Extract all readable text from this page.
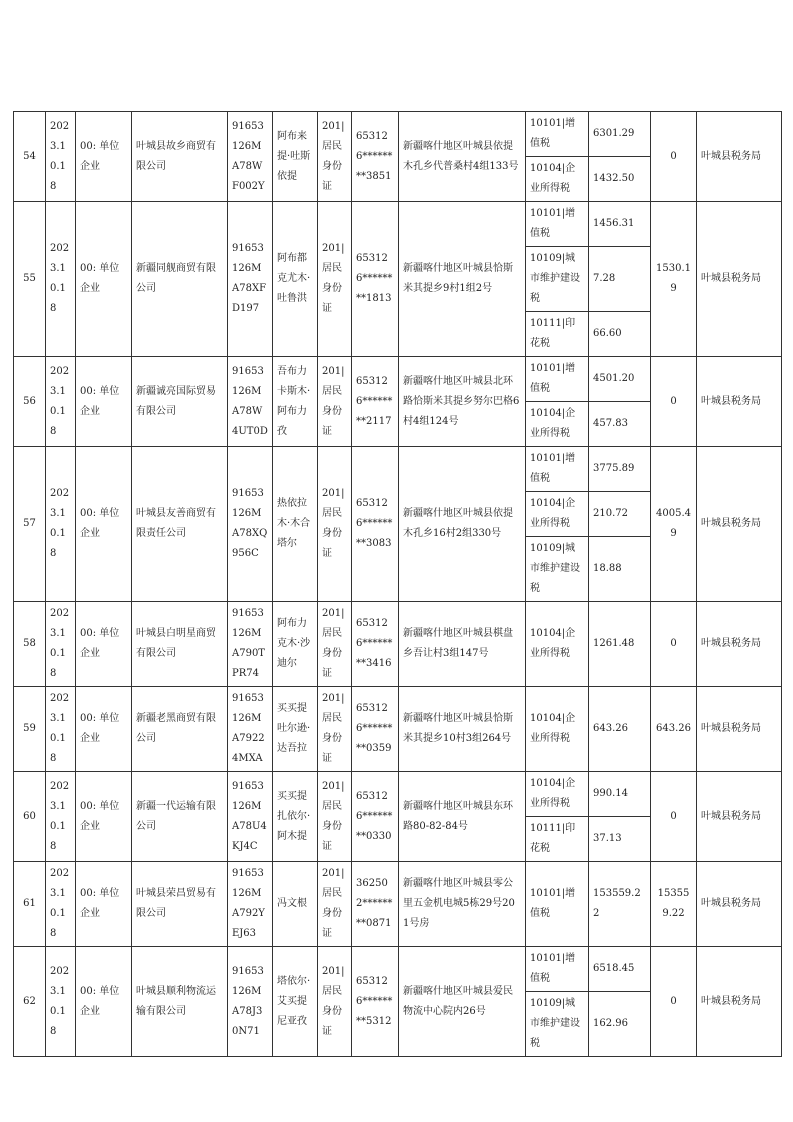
54	2023.10.18	00: 单位企业	叶城县故乡商贸有限公司	91653126MA78WF002Y	阿布来提·吐斯依提	201|居民身份证	653126********3851	新疆喀什地区叶城县依提木孔乡代普桑村4组133号	10101|增值税	6301.29	0	叶城县税务局
									10104|企业所得税	1432.50		
55	2023.10.18	00: 单位企业	新疆同舰商贸有限公司	91653126MA78XFD197	阿布都克尤木·吐鲁洪	201|居民身份证	653126********1813	新疆喀什地区叶城县恰斯米其提乡9村1组2号	10101|增值税	1456.31	1530.19	叶城县税务局
									10109|城市维护建设税	7.28		
									10111|印花税	66.60		
56	2023.10.18	00: 单位企业	新疆诚亮国际贸易有限公司	91653126MA78W4UT0D	吾布力卡斯木·阿布力孜	201|居民身份证	653126********2117	新疆喀什地区叶城县北环路恰斯米其提乡努尔巴格6村4组124号	10101|增值税	4501.20	0	叶城县税务局
									10104|企业所得税	457.83		
57	2023.10.18	00: 单位企业	叶城县友善商贸有限责任公司	91653126MA78XQ956C	热依拉木·木合塔尔	201|居民身份证	653126********3083	新疆喀什地区叶城县依提木孔乡16村2组330号	10101|增值税	3775.89	4005.49	叶城县税务局
									10104|企业所得税	210.72		
									10109|城市维护建设税	18.88		
58	2023.10.18	00: 单位企业	叶城县白明星商贸有限公司	91653126MA790TPR74	阿布力克木·沙迪尔	201|居民身份证	653126********3416	新疆喀什地区叶城县棋盘乡吾让村3组147号	10104|企业所得税	1261.48	0	叶城县税务局
59	2023.10.18	00: 单位企业	新疆老黑商贸有限公司	91653126MA79224MXA	买买提吐尔逊·达吾拉	201|居民身份证	653126********0359	新疆喀什地区叶城县恰斯米其提乡10村3组264号	10104|企业所得税	643.26	643.26	叶城县税务局
60	2023.10.18	00: 单位企业	新疆一代运输有限公司	91653126MA78U4KJ4C	买买提扎依尔·阿木提	201|居民身份证	653126********0330	新疆喀什地区叶城县东环路80-82-84号	10104|企业所得税	990.14	0	叶城县税务局
									10111|印花税	37.13		
61	2023.10.18	00: 单位企业	叶城县荣昌贸易有限公司	91653126MA792YEJ63	冯文根	201|居民身份证	362502********0871	新疆喀什地区叶城县零公里五金机电城5栋29号201号房	10101|增值税	153559.22	153559.22	叶城县税务局
62	2023.10.18	00: 单位企业	叶城县顺利物流运输有限公司	91653126MA78J30N71	塔依尔·艾买提尼亚孜	201|居民身份证	653126********5312	新疆喀什地区叶城县爱民物流中心院内26号	10101|增值税	6518.45	0	叶城县税务局
									10109|城市维护建设税	162.96		
